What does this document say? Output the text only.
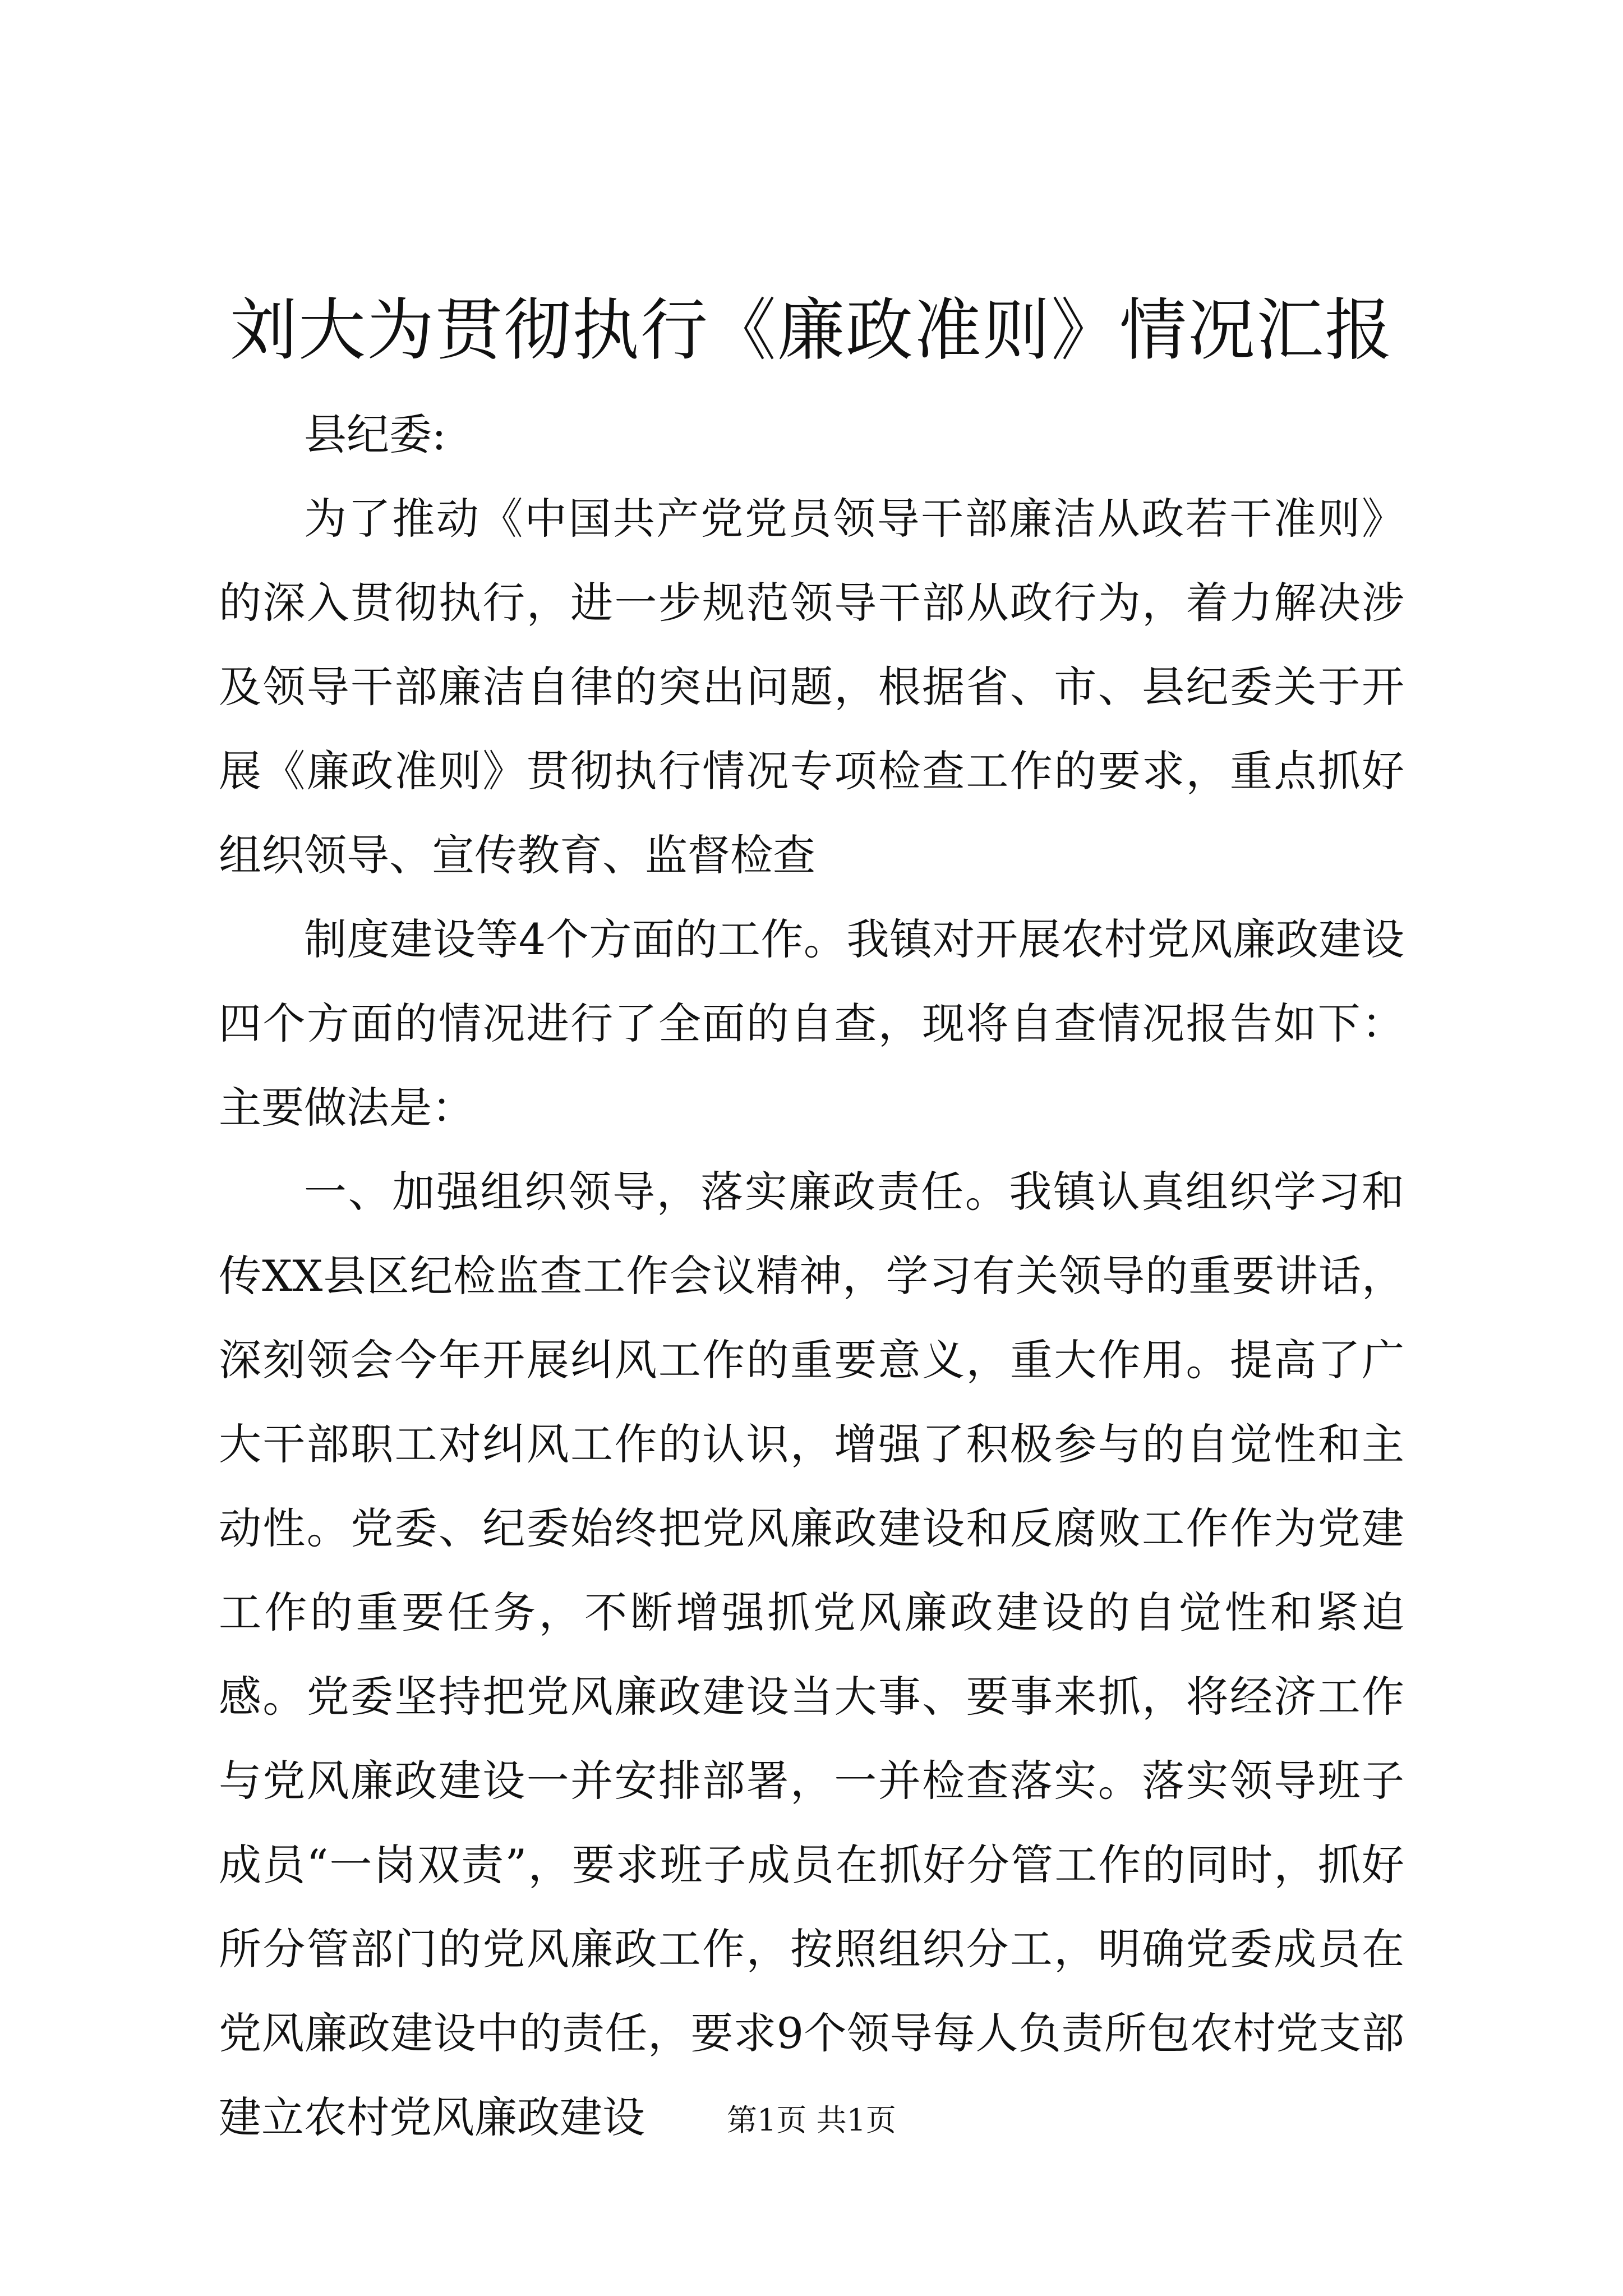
刘大为贯彻执行《廉政准则》情况汇报

县纪委:

为了推动《中国共产党党员领导干部廉洁从政若干准则》的深入贯彻执行，进一步规范领导干部从政行为，着力解决涉及领导干部廉洁自律的突出问题，根据省、市、县纪委关于开展《廉政准则》贯彻执行情况专项检查工作的要求，重点抓好组织领导、宣传教育、监督检查

制度建设等4个方面的工作。我镇对开展农村党风廉政建设四个方面的情况进行了全面的自查，现将自查情况报告如下：主要做法是：

一、加强组织领导，落实廉政责任。我镇认真组织学习和传XX县区纪检监查工作会议精神，学习有关领导的重要讲话，深刻领会今年开展纠风工作的重要意义，重大作用。提高了广大干部职工对纠风工作的认识，增强了积极参与的自觉性和主动性。党委、纪委始终把党风廉政建设和反腐败工作作为党建工作的重要任务，不断增强抓党风廉政建设的自觉性和紧迫感。党委坚持把党风廉政建设当大事、要事来抓，将经济工作与党风廉政建设一并安排部署，一并检查落实。落实领导班子成员“一岗双责”，要求班子成员在抓好分管工作的同时，抓好所分管部门的党风廉政工作，按照组织分工，明确党委成员在党风廉政建设中的责任，要求9个领导每人负责所包农村党支部建立农村党风廉政建设	第1页 共1页
